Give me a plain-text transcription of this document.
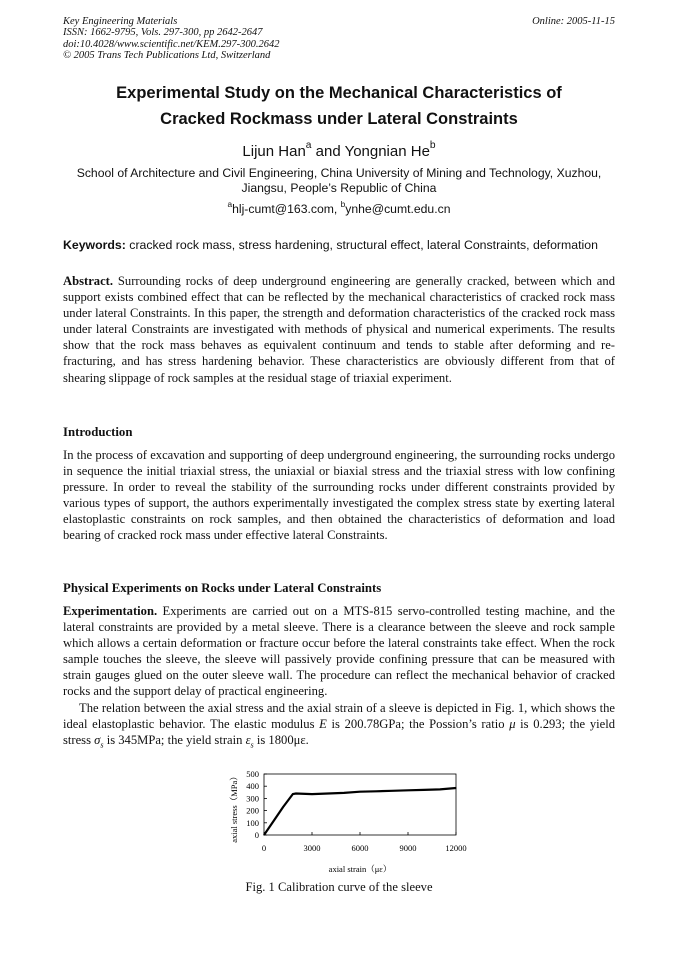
Key Engineering Materials
ISSN: 1662-9795, Vols. 297-300, pp 2642-2647
doi:10.4028/www.scientific.net/KEM.297-300.2642
© 2005 Trans Tech Publications Ltd, Switzerland
Online: 2005-11-15
Experimental Study on the Mechanical Characteristics of
Cracked Rockmass under Lateral Constraints
Lijun Han$^a$ and Yongnian He$^b$
School of Architecture and Civil Engineering, China University of Mining and Technology, Xuzhou,
Jiangsu, People’s Republic of China
$^a$hlj-cumt@163.com, $^b$ynhe@cumt.edu.cn
Keywords: cracked rock mass, stress hardening, structural effect, lateral Constraints, deformation
Abstract. Surrounding rocks of deep underground engineering are generally cracked, between which and support exists combined effect that can be reflected by the mechanical characteristics of cracked rock mass under lateral Constraints. In this paper, the strength and deformation characteristics of the cracked rock mass under lateral Constraints are investigated with methods of physical and numerical experiments. The results show that the rock mass behaves as equivalent continuum and tends to stable after deforming and re-fracturing, and has stress hardening behavior. These characteristics are obviously different from that of shearing slippage of rock samples at the residual stage of triaxial experiment.
Introduction
In the process of excavation and supporting of deep underground engineering, the surrounding rocks undergo in sequence the initial triaxial stress, the uniaxial or biaxial stress and the triaxial stress with low confining pressure. In order to reveal the stability of the surrounding rocks under different constraints provided by various types of support, the authors experimentally investigated the complex stress state by exerting lateral elastoplastic constraints on rock samples, and then obtained the characteristics of deformation and load bearing of cracked rock mass under effective lateral Constraints.
Physical Experiments on Rocks under Lateral Constraints
Experimentation. Experiments are carried out on a MTS-815 servo-controlled testing machine, and the lateral constraints are provided by a metal sleeve. There is a clearance between the sleeve and rock sample which allows a certain deformation or fracture occur before the lateral constraints take effect. When the rock sample touches the sleeve, the sleeve will passively provide confining pressure that can be measured with strain gauges glued on the outer sleeve wall. The procedure can reflect the mechanical behavior of cracked rocks and the support delay of practical engineering.
The relation between the axial stress and the axial strain of a sleeve is depicted in Fig. 1, which shows the ideal elastoplastic behavior. The elastic modulus E is 200.78GPa; the Possion’s ratio μ is 0.293; the yield stress $\sigma_s$ is 345MPa; the yield strain $\varepsilon_s$ is 1800με.
0
100
200
300
400
500
0	3000	6000	9000	12000
axial strain（με）
axial stress（MPa）
Fig. 1 Calibration curve of the sleeve
